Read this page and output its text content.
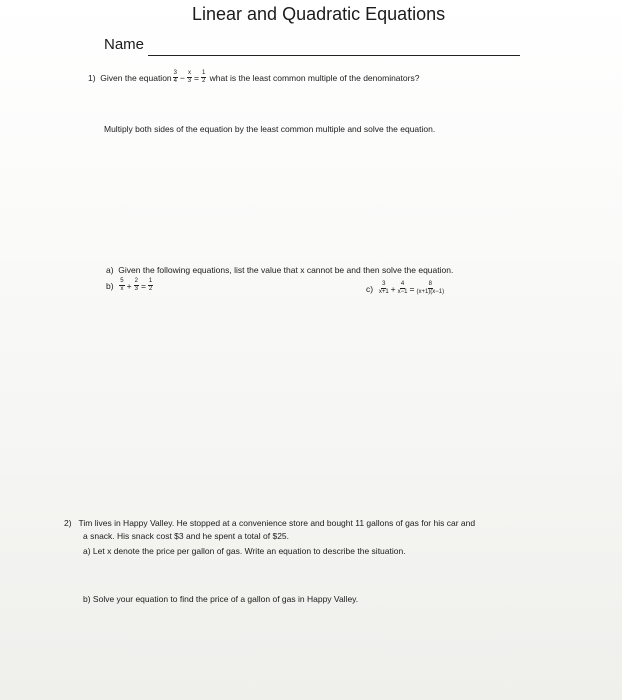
Linear and Quadratic Equations
Name
1)
Given the equation $\frac{3}{4} - \frac{x}{3} = \frac{1}{2}$
what is the least common multiple of the denominators?
Multiply both sides of the equation by the least common multiple and solve the equation.
a) Given the following equations, list the value that x cannot be and then solve the equation.
b)
$\frac{5}{x} + \frac{2}{3} = \frac{1}{2}$	c)
$\frac{3}{x+1} + \frac{4}{x-1} = \frac{8}{(x+1)(x-1)}$
2) Tim lives in Happy Valley. He stopped at a convenience store and bought 11 gallons of gas for his car and
a snack. His snack cost $3 and he spent a total of $25.
a) Let x denote the price per gallon of gas. Write an equation to describe the situation.
b) Solve your equation to find the price of a gallon of gas in Happy Valley.
